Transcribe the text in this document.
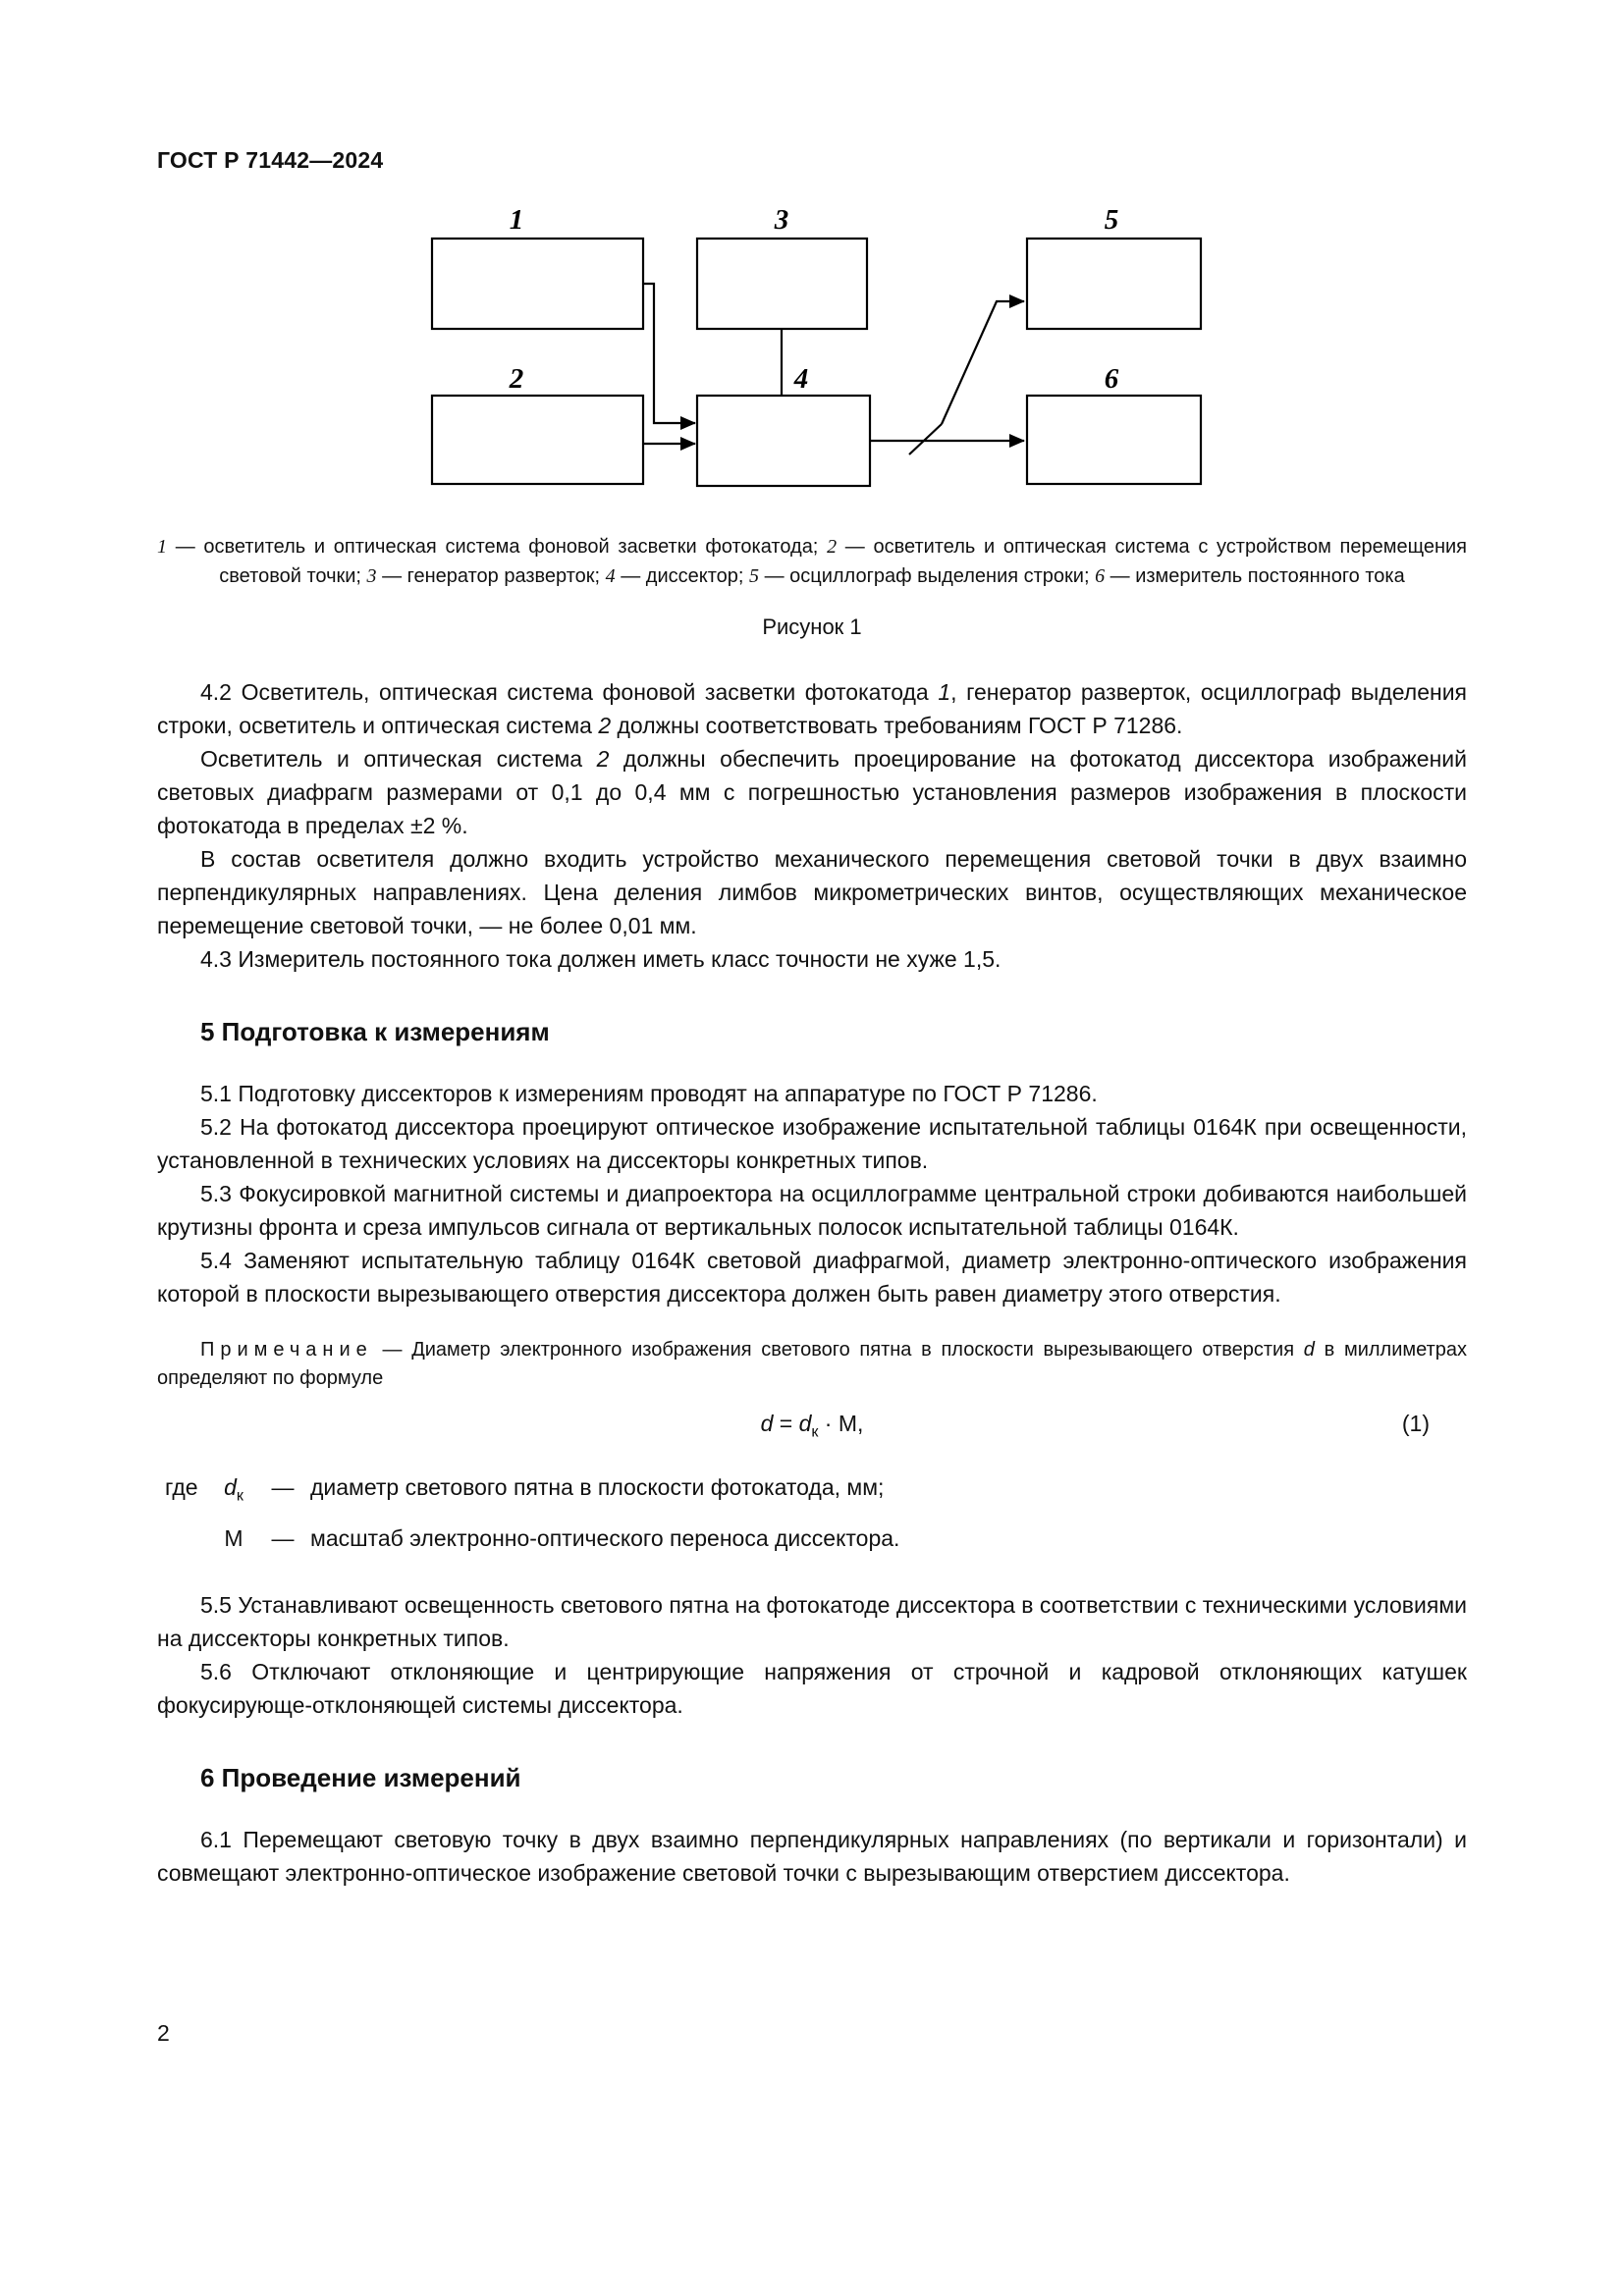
ГОСТ Р 71442—2024
1	3	5
2	4	6

1 — осветитель и оптическая система фоновой засветки фотокатода; 2 — осветитель и оптическая система с устройством перемещения световой точки; 3 — генератор разверток; 4 — диссектор; 5 — осциллограф выделения строки; 6 — измеритель постоянного тока

Рисунок 1

4.2 Осветитель, оптическая система фоновой засветки фотокатода 1, генератор разверток, осциллограф выделения строки, осветитель и оптическая система 2 должны соответствовать требованиям ГОСТ Р 71286.

Осветитель и оптическая система 2 должны обеспечить проецирование на фотокатод диссектора изображений световых диафрагм размерами от 0,1 до 0,4 мм с погрешностью установления размеров изображения в плоскости фотокатода в пределах ±2 %.

В состав осветителя должно входить устройство механического перемещения световой точки в двух взаимно перпендикулярных направлениях. Цена деления лимбов микрометрических винтов, осуществляющих механическое перемещение световой точки, — не более 0,01 мм.

4.3 Измеритель постоянного тока должен иметь класс точности не хуже 1,5.

5 Подготовка к измерениям

5.1 Подготовку диссекторов к измерениям проводят на аппаратуре по ГОСТ Р 71286.

5.2 На фотокатод диссектора проецируют оптическое изображение испытательной таблицы 0164К при освещенности, установленной в технических условиях на диссекторы конкретных типов.

5.3 Фокусировкой магнитной системы и диапроектора на осциллограмме центральной строки добиваются наибольшей крутизны фронта и среза импульсов сигнала от вертикальных полосок испытательной таблицы 0164К.

5.4 Заменяют испытательную таблицу 0164К световой диафрагмой, диаметр электронно-оптического изображения которой в плоскости вырезывающего отверстия диссектора должен быть равен диаметру этого отверстия.

Примечание — Диаметр электронного изображения светового пятна в плоскости вырезывающего отверстия d в миллиметрах определяют по формуле

$d = d_к \cdot М$,	(1)
где	$d_к$	— диаметр светового пятна в плоскости фотокатода, мм;
М	— масштаб электронно-оптического переноса диссектора.

5.5 Устанавливают освещенность светового пятна на фотокатоде диссектора в соответствии с техническими условиями на диссекторы конкретных типов.

5.6 Отключают отклоняющие и центрирующие напряжения от строчной и кадровой отклоняющих катушек фокусирующе-отклоняющей системы диссектора.

6 Проведение измерений

6.1 Перемещают световую точку в двух взаимно перпендикулярных направлениях (по вертикали и горизонтали) и совмещают электронно-оптическое изображение световой точки с вырезывающим отверстием диссектора.

2
